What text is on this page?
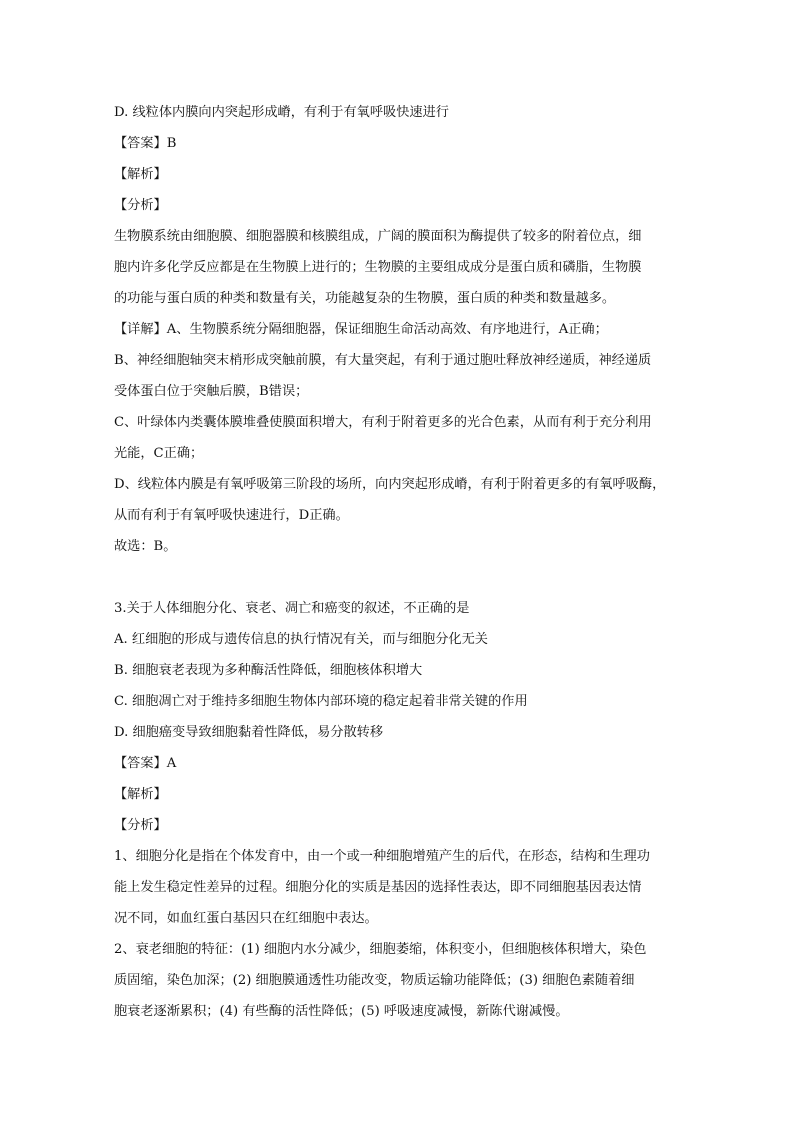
D. 线粒体内膜向内突起形成嵴，有利于有氧呼吸快速进行
【答案】B
【解析】
【分析】
生物膜系统由细胞膜、细胞器膜和核膜组成，广阔的膜面积为酶提供了较多的附着位点，细
胞内许多化学反应都是在生物膜上进行的；生物膜的主要组成成分是蛋白质和磷脂，生物膜
的功能与蛋白质的种类和数量有关，功能越复杂的生物膜，蛋白质的种类和数量越多。
【详解】A、生物膜系统分隔细胞器，保证细胞生命活动高效、有序地进行，A正确；
B、神经细胞轴突末梢形成突触前膜，有大量突起，有利于通过胞吐释放神经递质，神经递质
受体蛋白位于突触后膜，B错误；
C、叶绿体内类囊体膜堆叠使膜面积增大，有利于附着更多的光合色素，从而有利于充分利用
光能，C正确；
D、线粒体内膜是有氧呼吸第三阶段的场所，向内突起形成嵴，有利于附着更多的有氧呼吸酶，
从而有利于有氧呼吸快速进行，D正确。
故选：B。
3.关于人体细胞分化、衰老、凋亡和癌变的叙述，不正确的是
A. 红细胞的形成与遗传信息的执行情况有关，而与细胞分化无关
B. 细胞衰老表现为多种酶活性降低，细胞核体积增大
C. 细胞凋亡对于维持多细胞生物体内部环境的稳定起着非常关键的作用
D. 细胞癌变导致细胞黏着性降低，易分散转移
【答案】A
【解析】
【分析】
1、细胞分化是指在个体发育中，由一个或一种细胞增殖产生的后代，在形态，结构和生理功
能上发生稳定性差异的过程。细胞分化的实质是基因的选择性表达，即不同细胞基因表达情
况不同，如血红蛋白基因只在红细胞中表达。
2、衰老细胞的特征：(1) 细胞内水分减少，细胞萎缩，体积变小，但细胞核体积增大，染色
质固缩，染色加深；(2) 细胞膜通透性功能改变，物质运输功能降低；(3) 细胞色素随着细
胞衰老逐渐累积；(4) 有些酶的活性降低；(5) 呼吸速度减慢，新陈代谢减慢。
